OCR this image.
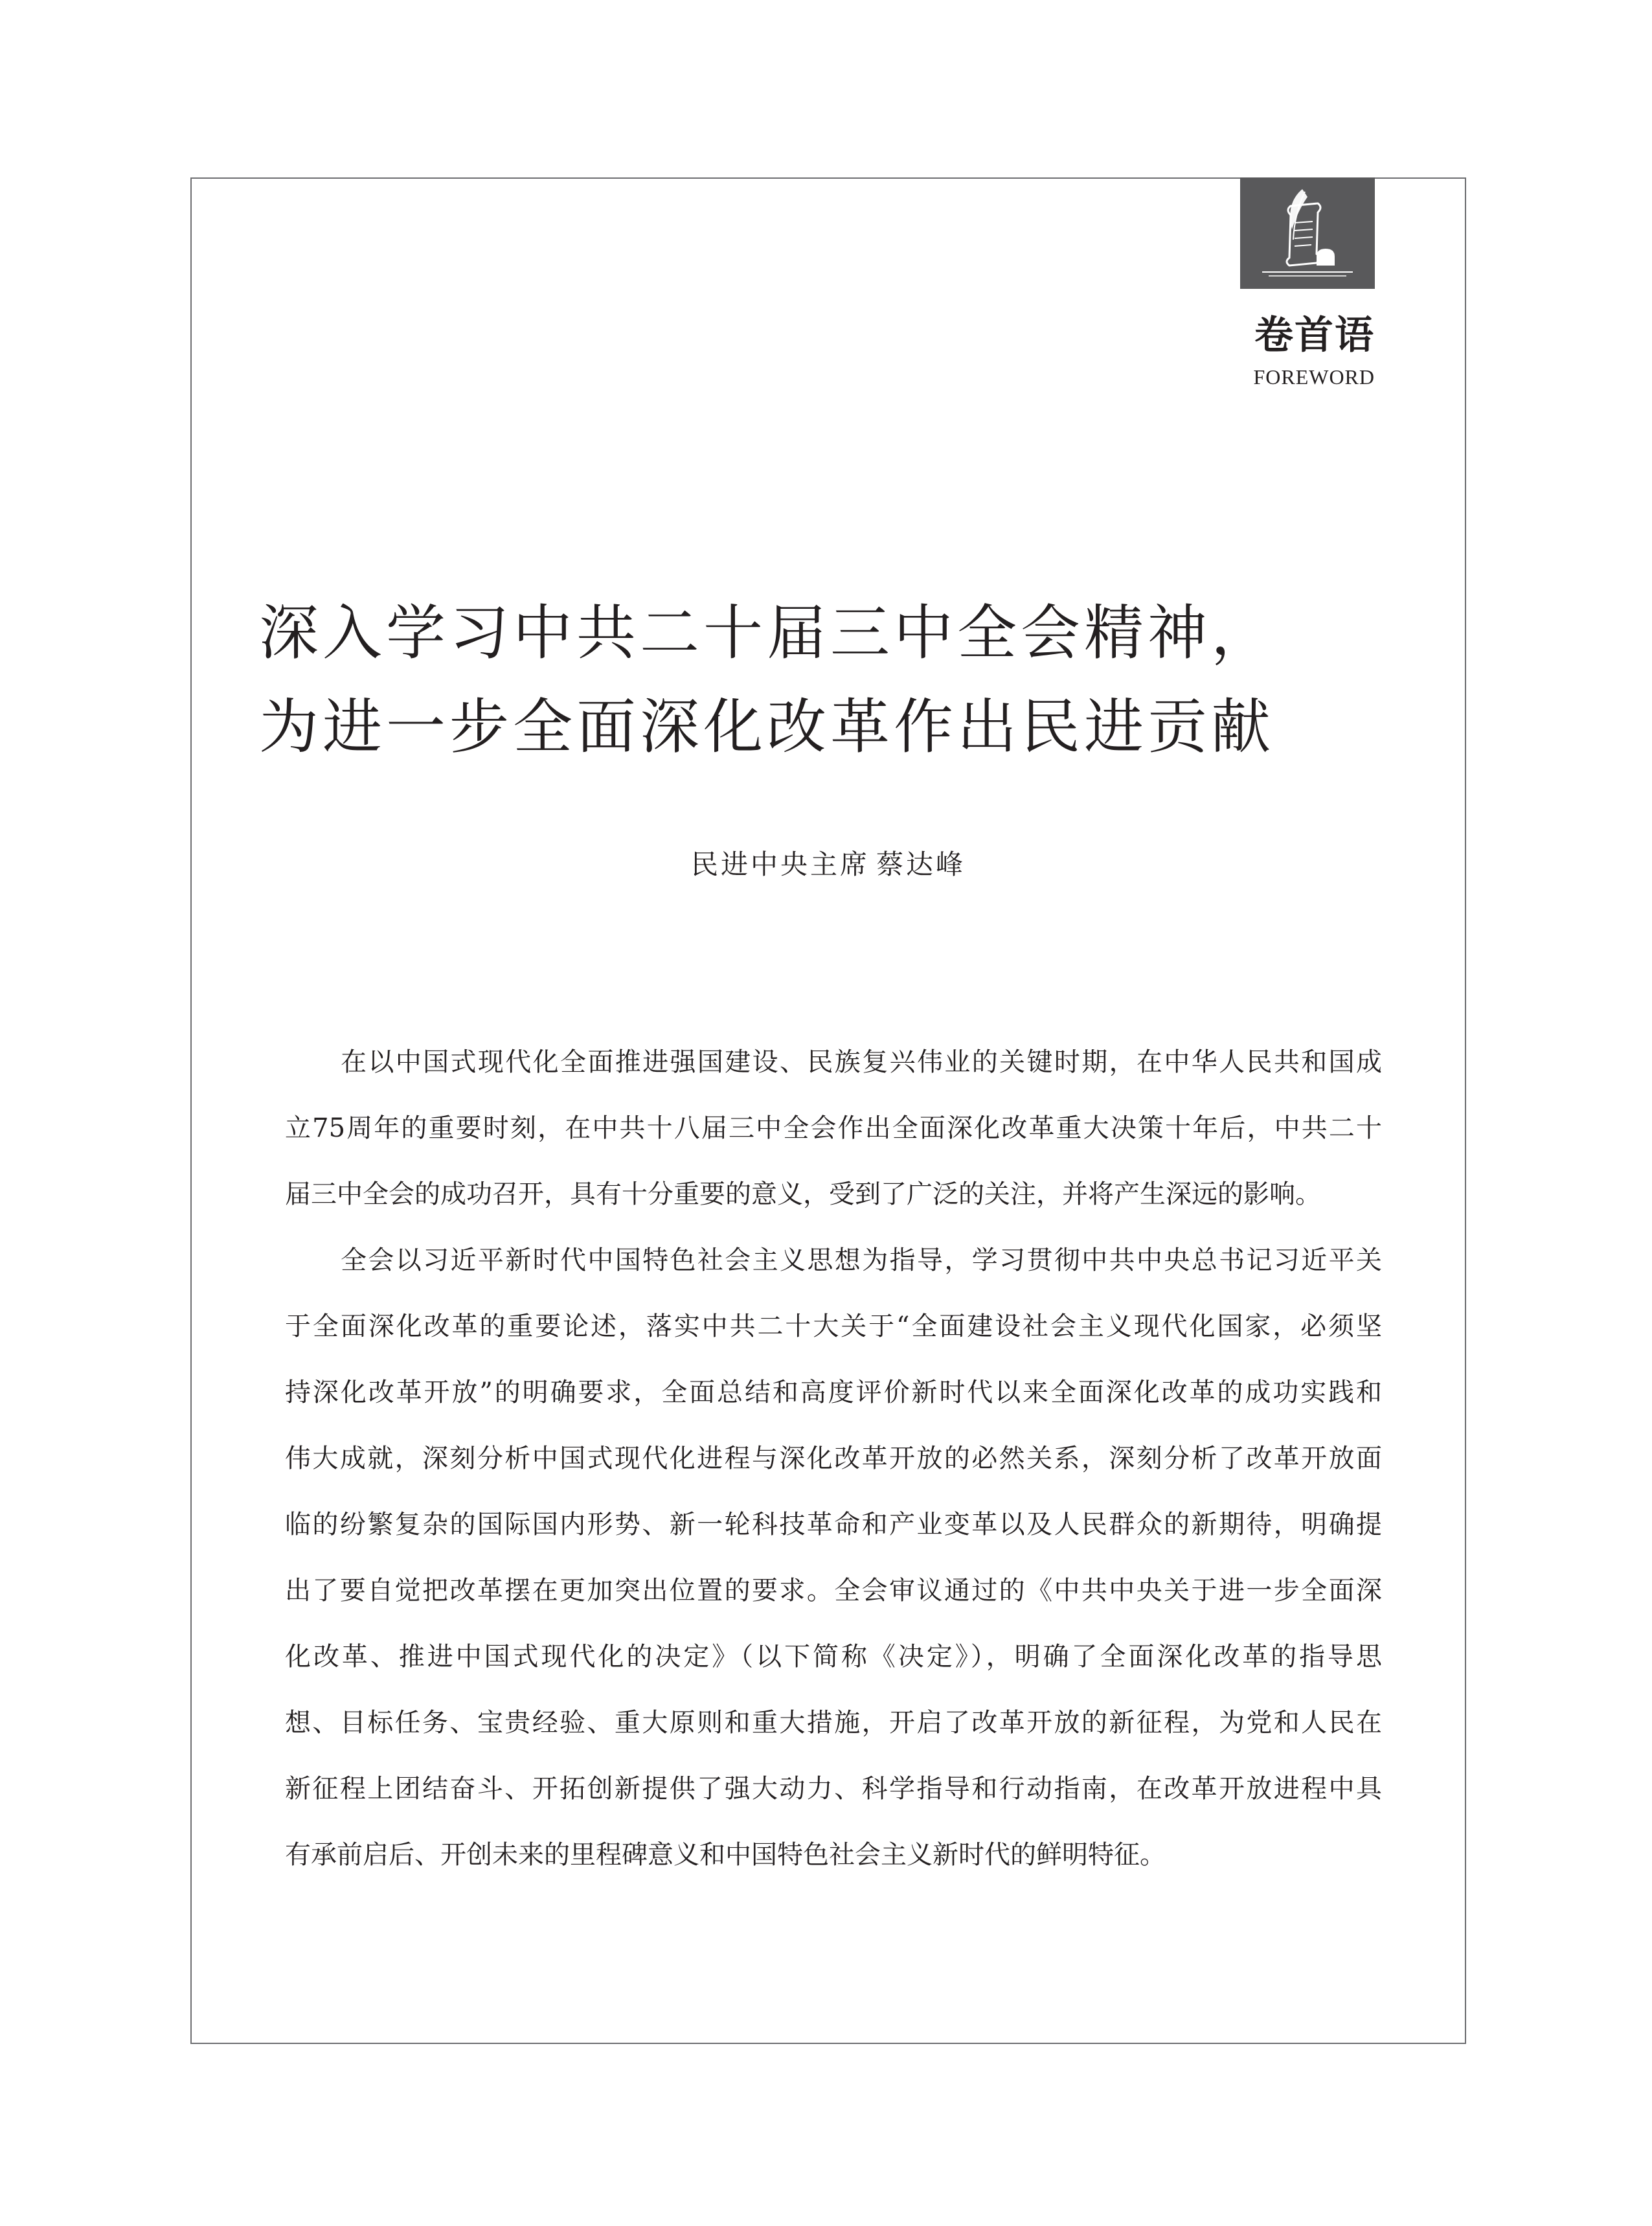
卷首语
FOREWORD
深入学习中共二十届三中全会精神，
为进一步全面深化改革作出民进贡献
民进中央主席 蔡达峰
在以中国式现代化全面推进强国建设、民族复兴伟业的关键时期，在中华人民共和国成
立75周年的重要时刻，在中共十八届三中全会作出全面深化改革重大决策十年后，中共二十
届三中全会的成功召开，具有十分重要的意义，受到了广泛的关注，并将产生深远的影响。
全会以习近平新时代中国特色社会主义思想为指导，学习贯彻中共中央总书记习近平关
于全面深化改革的重要论述，落实中共二十大关于“全面建设社会主义现代化国家，必须坚
持深化改革开放”的明确要求，全面总结和高度评价新时代以来全面深化改革的成功实践和
伟大成就，深刻分析中国式现代化进程与深化改革开放的必然关系，深刻分析了改革开放面
临的纷繁复杂的国际国内形势、新一轮科技革命和产业变革以及人民群众的新期待，明确提
出了要自觉把改革摆在更加突出位置的要求。全会审议通过的《中共中央关于进一步全面深
化改革、推进中国式现代化的决定》（以下简称《决定》），明确了全面深化改革的指导思
想、目标任务、宝贵经验、重大原则和重大措施，开启了改革开放的新征程，为党和人民在
新征程上团结奋斗、开拓创新提供了强大动力、科学指导和行动指南，在改革开放进程中具
有承前启后、开创未来的里程碑意义和中国特色社会主义新时代的鲜明特征。
